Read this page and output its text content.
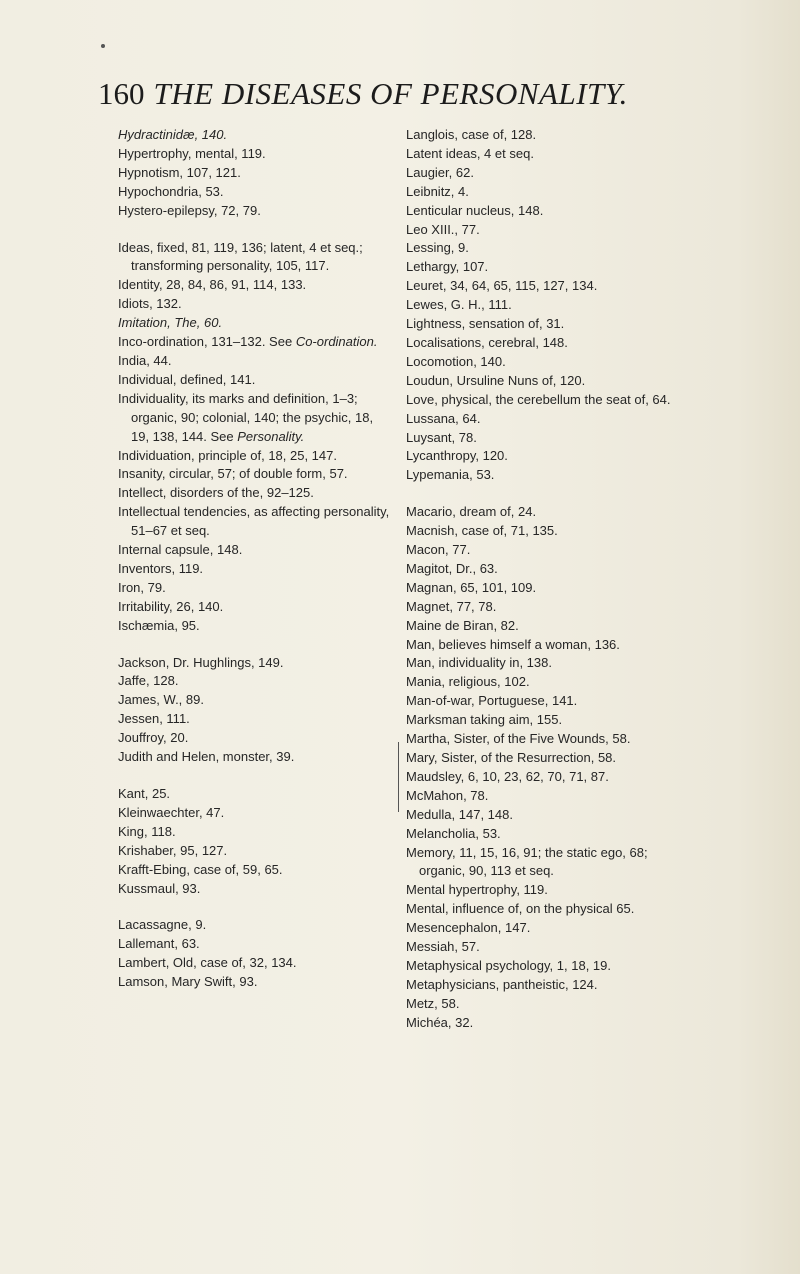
160 THE DISEASES OF PERSONALITY.
Hydractinidæ, 140.
Hypertrophy, mental, 119.
Hypnotism, 107, 121.
Hypochondria, 53.
Hystero-epilepsy, 72, 79.
Ideas, fixed, 81, 119, 136; latent, 4 et seq.; transforming personality, 105, 117.
Identity, 28, 84, 86, 91, 114, 133.
Idiots, 132.
Imitation, The, 60.
Inco-ordination, 131–132. See Co-ordination.
India, 44.
Individual, defined, 141.
Individuality, its marks and definition, 1–3; organic, 90; colonial, 140; the psychic, 18, 19, 138, 144. See Personality.
Individuation, principle of, 18, 25, 147.
Insanity, circular, 57; of double form, 57.
Intellect, disorders of the, 92–125.
Intellectual tendencies, as affecting personality, 51–67 et seq.
Internal capsule, 148.
Inventors, 119.
Iron, 79.
Irritability, 26, 140.
Ischæmia, 95.
Jackson, Dr. Hughlings, 149.
Jaffe, 128.
James, W., 89.
Jessen, 111.
Jouffroy, 20.
Judith and Helen, monster, 39.
Kant, 25.
Kleinwaechter, 47.
King, 118.
Krishaber, 95, 127.
Krafft-Ebing, case of, 59, 65.
Kussmaul, 93.
Lacassagne, 9.
Lallemant, 63.
Lambert, Old, case of, 32, 134.
Lamson, Mary Swift, 93.
Langlois, case of, 128.
Latent ideas, 4 et seq.
Laugier, 62.
Leibnitz, 4.
Lenticular nucleus, 148.
Leo XIII., 77.
Lessing, 9.
Lethargy, 107.
Leuret, 34, 64, 65, 115, 127, 134.
Lewes, G. H., 111.
Lightness, sensation of, 31.
Localisations, cerebral, 148.
Locomotion, 140.
Loudun, Ursuline Nuns of, 120.
Love, physical, the cerebellum the seat of, 64.
Lussana, 64.
Luysant, 78.
Lycanthropy, 120.
Lypemania, 53.
Macario, dream of, 24.
Macnish, case of, 71, 135.
Macon, 77.
Magitot, Dr., 63.
Magnan, 65, 101, 109.
Magnet, 77, 78.
Maine de Biran, 82.
Man, believes himself a woman, 136.
Man, individuality in, 138.
Mania, religious, 102.
Man-of-war, Portuguese, 141.
Marksman taking aim, 155.
Martha, Sister, of the Five Wounds, 58.
Mary, Sister, of the Resurrection, 58.
Maudsley, 6, 10, 23, 62, 70, 71, 87.
McMahon, 78.
Medulla, 147, 148.
Melancholia, 53.
Memory, 11, 15, 16, 91; the static ego, 68; organic, 90, 113 et seq.
Mental hypertrophy, 119.
Mental, influence of, on the physical 65.
Mesencephalon, 147.
Messiah, 57.
Metaphysical psychology, 1, 18, 19.
Metaphysicians, pantheistic, 124.
Metz, 58.
Michéa, 32.
